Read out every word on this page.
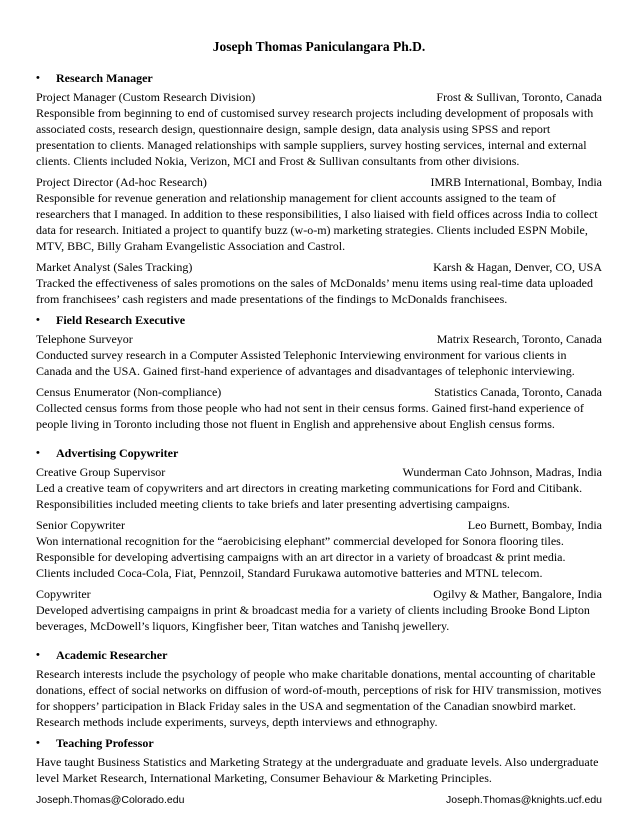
Joseph Thomas Paniculangara Ph.D.
•	Research Manager
Project Manager (Custom Research Division)	Frost & Sullivan, Toronto, Canada
Responsible from beginning to end of customised survey research projects including development of proposals with associated costs, research design, questionnaire design, sample design, data analysis using SPSS and report presentation to clients. Managed relationships with sample suppliers, survey hosting services, internal and external clients. Clients included Nokia, Verizon, MCI and Frost & Sullivan consultants from other divisions.
Project Director (Ad-hoc Research)	IMRB International, Bombay, India
Responsible for revenue generation and relationship management for client accounts assigned to the team of researchers that I managed. In addition to these responsibilities, I also liaised with field offices across India to collect data for research. Initiated a project to quantify buzz (w-o-m) marketing strategies. Clients included ESPN Mobile, MTV, BBC, Billy Graham Evangelistic Association and Castrol.
Market Analyst (Sales Tracking)	Karsh & Hagan, Denver, CO, USA
Tracked the effectiveness of sales promotions on the sales of McDonalds’ menu items using real-time data uploaded from franchisees’ cash registers and made presentations of the findings to McDonalds franchisees.
•	Field Research Executive
Telephone Surveyor	Matrix Research, Toronto, Canada
Conducted survey research in a Computer Assisted Telephonic Interviewing environment for various clients in Canada and the USA. Gained first-hand experience of advantages and disadvantages of telephonic interviewing.
Census Enumerator (Non-compliance)	Statistics Canada, Toronto, Canada
Collected census forms from those people who had not sent in their census forms. Gained first-hand experience of people living in Toronto including those not fluent in English and apprehensive about English census forms.
•	Advertising Copywriter
Creative Group Supervisor	Wunderman Cato Johnson, Madras, India
Led a creative team of copywriters and art directors in creating marketing communications for Ford and Citibank. Responsibilities included meeting clients to take briefs and later presenting advertising campaigns.
Senior Copywriter	Leo Burnett, Bombay, India
Won international recognition for the “aerobicising elephant” commercial developed for Sonora flooring tiles. Responsible for developing advertising campaigns with an art director in a variety of broadcast & print media. Clients included Coca-Cola, Fiat, Pennzoil, Standard Furukawa automotive batteries and MTNL telecom.
Copywriter	Ogilvy & Mather, Bangalore, India
Developed advertising campaigns in print & broadcast media for a variety of clients including Brooke Bond Lipton beverages, McDowell’s liquors, Kingfisher beer, Titan watches and Tanishq jewellery.
•	Academic Researcher
Research interests include the psychology of people who make charitable donations, mental accounting of charitable donations, effect of social networks on diffusion of word-of-mouth, perceptions of risk for HIV transmission, motives for shoppers’ participation in Black Friday sales in the USA and segmentation of the Canadian snowbird market. Research methods include experiments, surveys, depth interviews and ethnography.
•	Teaching Professor
Have taught Business Statistics and Marketing Strategy at the undergraduate and graduate levels. Also undergraduate level Market Research, International Marketing, Consumer Behaviour & Marketing Principles.
Joseph.Thomas@Colorado.edu	Joseph.Thomas@knights.ucf.edu
